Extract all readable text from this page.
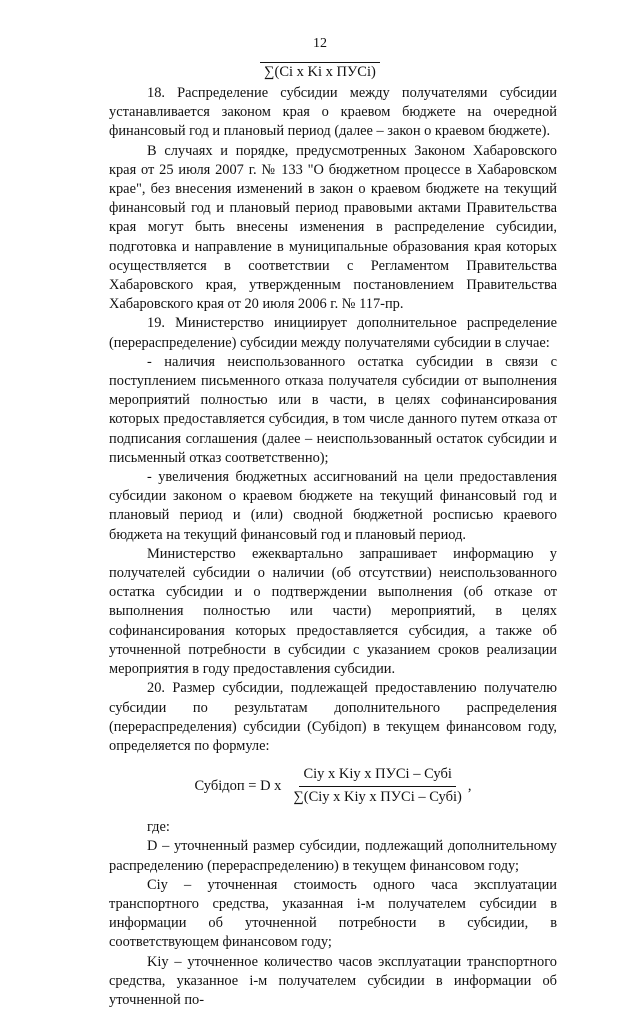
12
∑(Ci x Ki x ПУСi)

18. Распределение субсидии между получателями субсидии устанавливается законом края о краевом бюджете на очередной финансовый год и плановый период (далее – закон о краевом бюджете).

В случаях и порядке, предусмотренных Законом Хабаровского края от 25 июля 2007 г. № 133 "О бюджетном процессе в Хабаровском крае", без внесения изменений в закон о краевом бюджете на текущий финансовый год и плановый период правовыми актами Правительства края могут быть внесены изменения в распределение субсидии, подготовка и направление в муниципальные образования края которых осуществляется в соответствии с Регламентом Правительства Хабаровского края, утвержденным постановлением Правительства Хабаровского края от 20 июля 2006 г. № 117-пр.

19. Министерство инициирует дополнительное распределение (перераспределение) субсидии между получателями субсидии в случае:

- наличия неиспользованного остатка субсидии в связи с поступлением письменного отказа получателя субсидии от выполнения мероприятий полностью или в части, в целях софинансирования которых предоставляется субсидия, в том числе данного путем отказа от подписания соглашения (далее – неиспользованный остаток субсидии и письменный отказ соответственно);

- увеличения бюджетных ассигнований на цели предоставления субсидии законом о краевом бюджете на текущий финансовый год и плановый период и (или) сводной бюджетной росписью краевого бюджета на текущий финансовый год и плановый период.

Министерство ежеквартально запрашивает информацию у получателей субсидии о наличии (об отсутствии) неиспользованного остатка субсидии и о подтверждении выполнения (об отказе от выполнения полностью или части) мероприятий, в целях софинансирования которых предоставляется субсидия, а также об уточненной потребности в субсидии с указанием сроков реализации мероприятия в году предоставления субсидии.

20. Размер субсидии, подлежащей предоставлению получателю субсидии по результатам дополнительного распределения (перераспределения) субсидии (Субiдоп) в текущем финансовом году, определяется по формуле:

Субiдоп = D x $\frac{\text{Ciу x Kiу x ПУСi – Субi}}{\text{∑(Ciу x Kiу x ПУСi – Субi)}}$ ,

где:

D – уточненный размер субсидии, подлежащий дополнительному распределению (перераспределению) в текущем финансовом году;

Ciу – уточненная стоимость одного часа эксплуатации транспортного средства, указанная i-м получателем субсидии в информации об уточненной потребности в субсидии, в соответствующем финансовом году;

Kiу – уточненное количество часов эксплуатации транспортного средства, указанное i-м получателем субсидии в информации об уточненной по-
